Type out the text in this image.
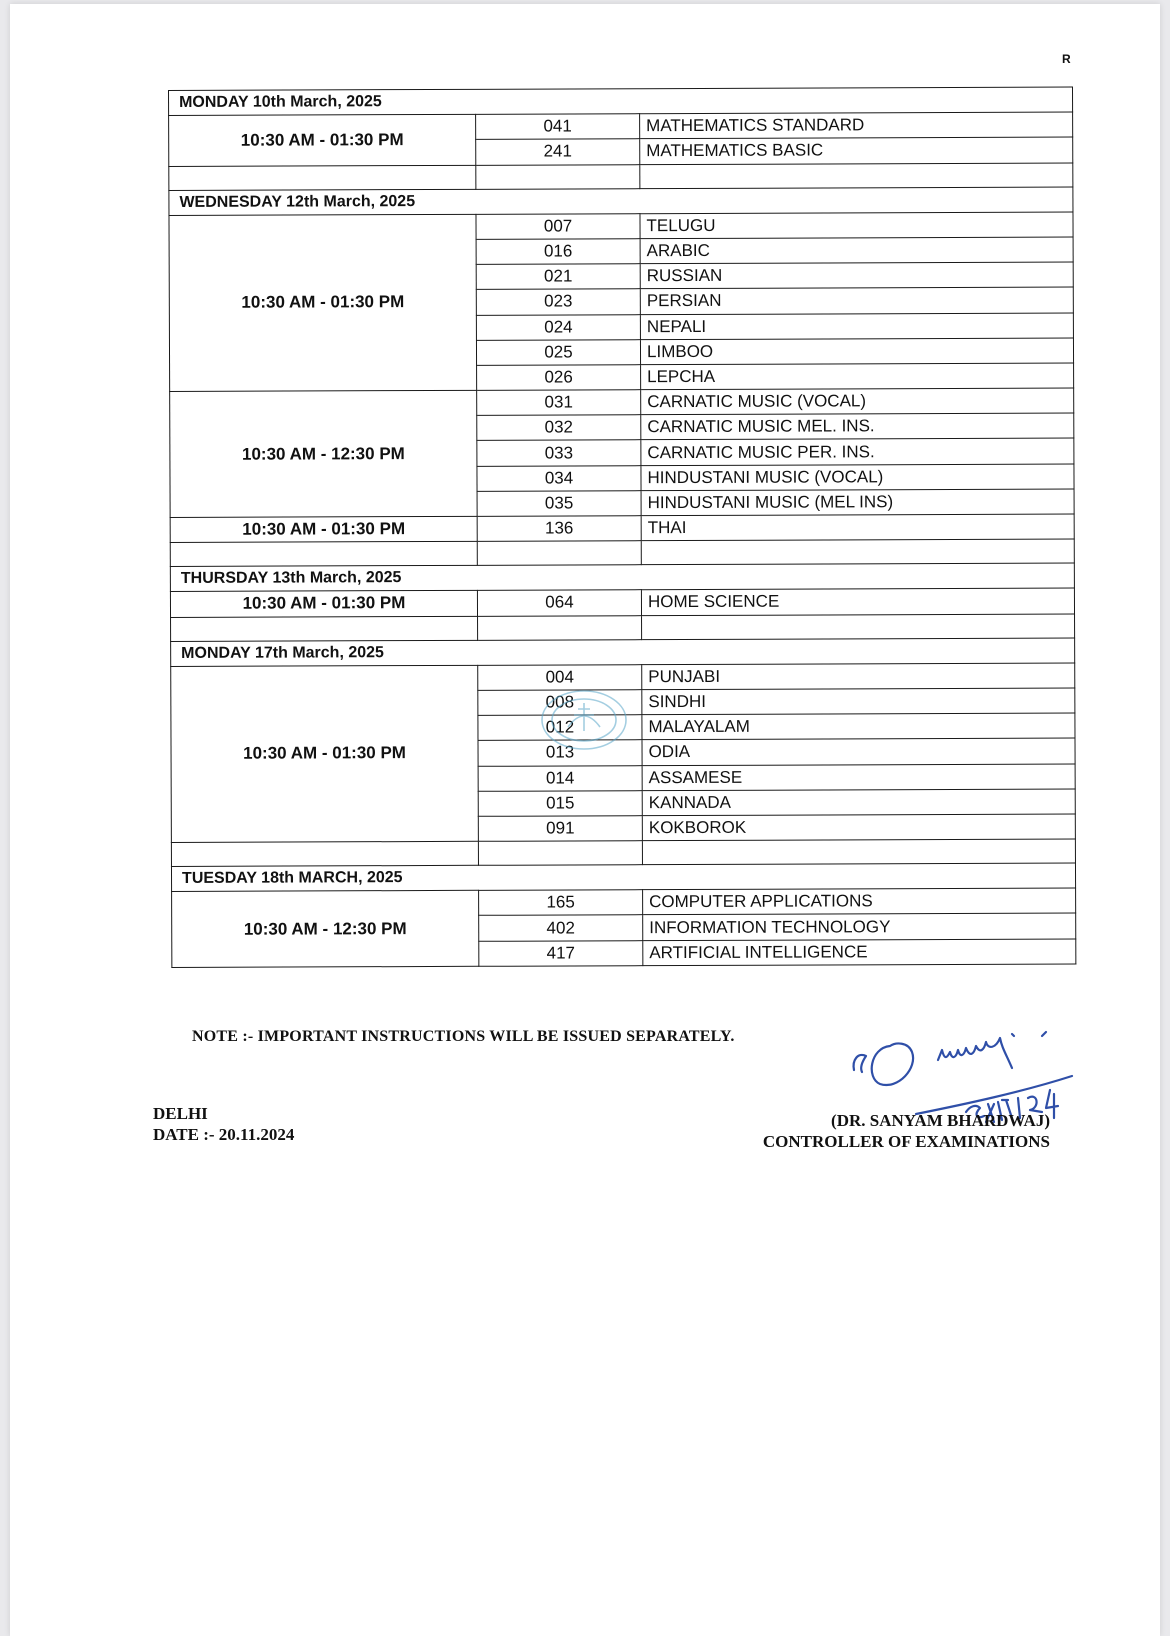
R
MONDAY 10th March, 2025		
10:30 AM - 01:30 PM	041	MATHEMATICS STANDARD
	241	MATHEMATICS BASIC

WEDNESDAY 12th March, 2025		
10:30 AM - 01:30 PM	007	TELUGU
	016	ARABIC
	021	RUSSIAN
	023	PERSIAN
	024	NEPALI
	025	LIMBOO
	026	LEPCHA
10:30 AM - 12:30 PM	031	CARNATIC MUSIC (VOCAL)
	032	CARNATIC MUSIC MEL. INS.
	033	CARNATIC MUSIC PER. INS.
	034	HINDUSTANI MUSIC (VOCAL)
	035	HINDUSTANI MUSIC (MEL INS)
10:30 AM - 01:30 PM	136	THAI

THURSDAY 13th March, 2025		
10:30 AM - 01:30 PM	064	HOME SCIENCE

MONDAY 17th March, 2025		
10:30 AM - 01:30 PM	004	PUNJABI
	008	SINDHI
	012	MALAYALAM
	013	ODIA
	014	ASSAMESE
	015	KANNADA
	091	KOKBOROK

TUESDAY 18th MARCH, 2025		
10:30 AM - 12:30 PM	165	COMPUTER APPLICATIONS
	402	INFORMATION TECHNOLOGY
	417	ARTIFICIAL INTELLIGENCE
NOTE :- IMPORTANT INSTRUCTIONS WILL BE ISSUED SEPARATELY.
DELHI
DATE :- 20.11.2024
20/XI/24
(DR. SANYAM BHARDWAJ)
CONTROLLER OF EXAMINATIONS
